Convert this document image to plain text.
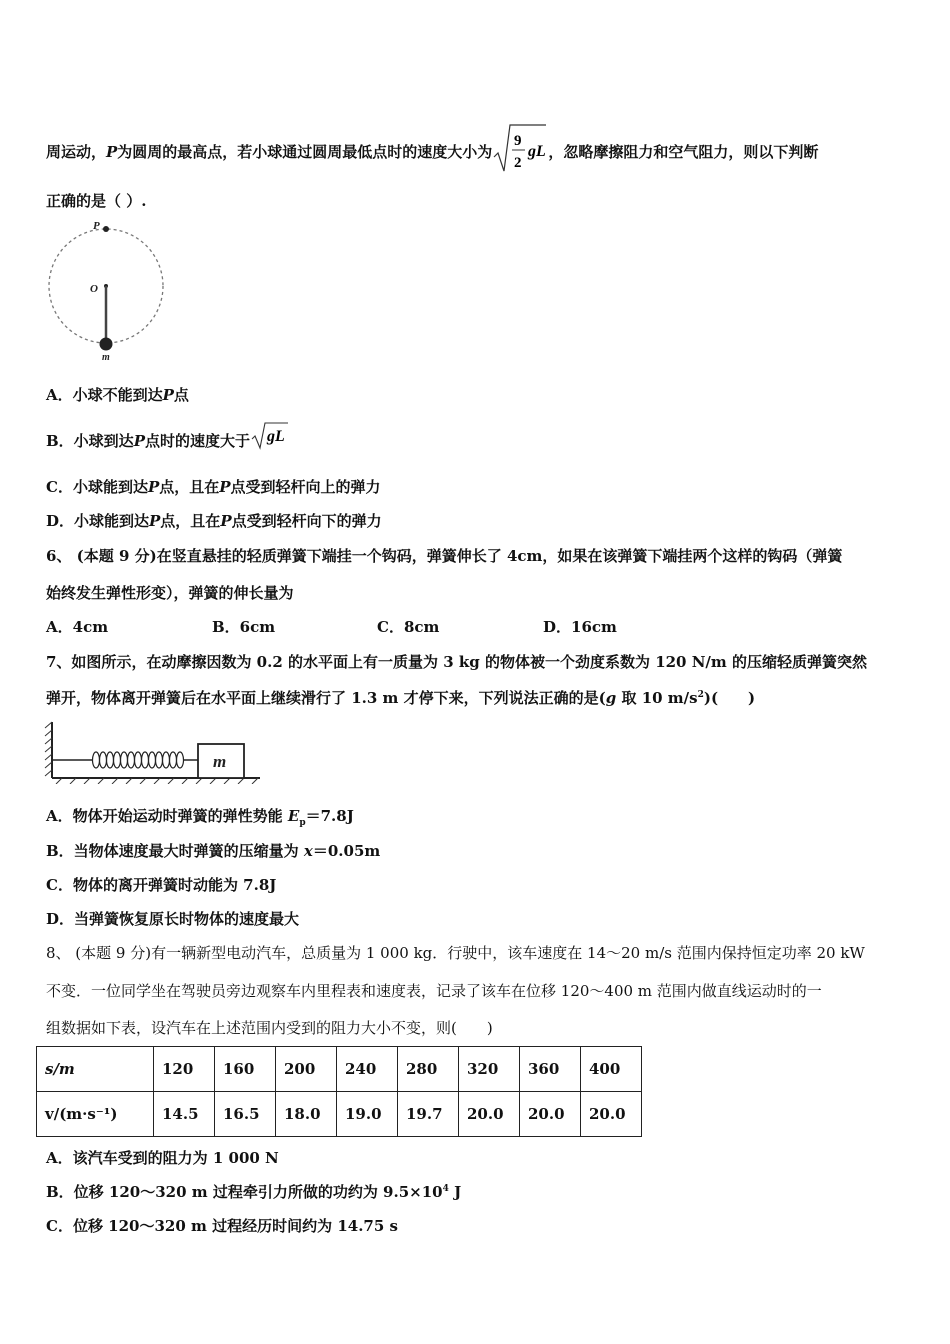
周运动，P为圆周的最高点，若小球通过圆周最低点时的速度大小为
9
2
gL ，忽略摩擦阻力和空气阻力，则以下判断
正确的是（ ）.
P
O
m
A．小球不能到达P点
B．小球到达P点时的速度大于 gL
C．小球能到达P点，且在P点受到轻杆向上的弹力
D．小球能到达P点，且在P点受到轻杆向下的弹力
6、 (本题 9 分)在竖直悬挂的轻质弹簧下端挂一个钩码，弹簧伸长了 4cm，如果在该弹簧下端挂两个这样的钩码（弹簧
始终发生弹性形变），弹簧的伸长量为
A．4cm	B．6cm	C．8cm	D．16cm
7、如图所示，在动摩擦因数为 0.2 的水平面上有一质量为 3 kg 的物体被一个劲度系数为 120 N/m 的压缩轻质弹簧突然
弹开，物体离开弹簧后在水平面上继续滑行了 1.3 m 才停下来，下列说法正确的是(g 取 10 $m/s^2$)(　　)
m
A．物体开始运动时弹簧的弹性势能 $E_p=7.8J$
B．当物体速度最大时弹簧的压缩量为 x＝0.05m
C．物体的离开弹簧时动能为 7.8J
D．当弹簧恢复原长时物体的速度最大
8、 (本题 9 分)有一辆新型电动汽车，总质量为 1 000 kg．行驶中，该车速度在 14～20 m/s 范围内保持恒定功率 20 kW
不变．一位同学坐在驾驶员旁边观察车内里程表和速度表，记录了该车在位移 120～400 m 范围内做直线运动时的一
组数据如下表，设汽车在上述范围内受到的阻力大小不变，则(　　)
s/m	120	160	200	240	280	320	360	400
v/(m·s⁻¹)	14.5	16.5	18.0	19.0	19.7	20.0	20.0	20.0
A．该汽车受到的阻力为 1 000 N
B．位移 120～320 m 过程牵引力所做的功约为 $9.5\times 10^4$ J
C．位移 120～320 m 过程经历时间约为 14.75 s
